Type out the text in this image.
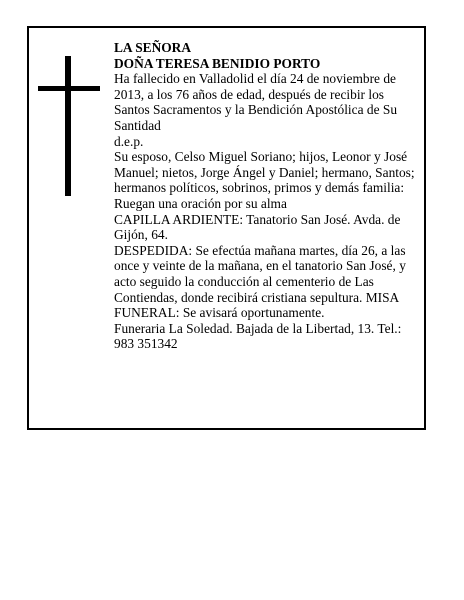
LA SEÑORA

DOÑA TERESA BENIDIO PORTO

Ha fallecido en Valladolid el día 24 de noviembre de 2013, a los 76 años de edad, después de recibir los Santos Sacramentos y la Bendición Apostólica de Su Santidad

d.e.p.

Su esposo, Celso Miguel Soriano; hijos, Leonor y José Manuel; nietos, Jorge Ángel y Daniel; hermano, Santos; hermanos políticos, sobrinos, primos y demás familia:

Ruegan una oración por su alma

CAPILLA ARDIENTE: Tanatorio San José. Avda. de Gijón, 64.

DESPEDIDA: Se efectúa mañana martes, día 26, a las once y veinte de la mañana, en el tanatorio San José, y acto seguido la conducción al cementerio de Las Contiendas, donde recibirá cristiana sepultura. MISA FUNERAL: Se avisará oportunamente.

Funeraria La Soledad. Bajada de la Libertad, 13. Tel.: 983 351342
